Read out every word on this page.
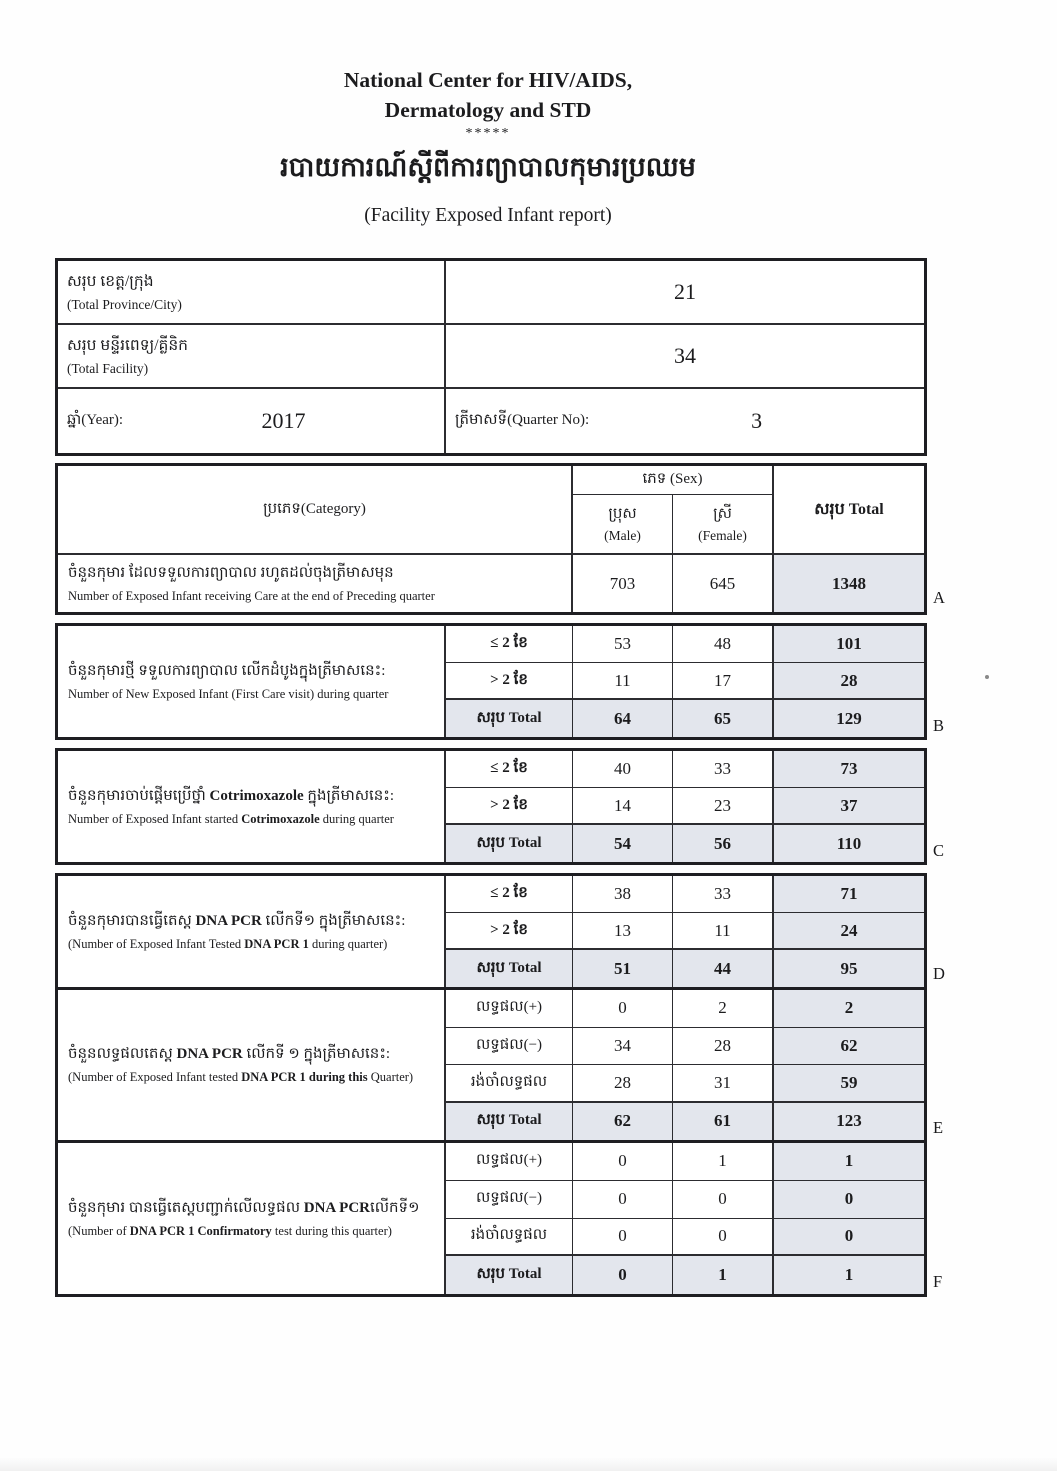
National Center for HIV/AIDS,
Dermatology and STD
*****
របាយការណ៍ស្តីពីការព្យាបាលកុមារប្រឈម
(Facility Exposed Infant report)
សរុប ខេត្ត/ក្រុង
(Total Province/City)
21
សរុប មន្ទីរពេទ្យ/គ្លីនិក
(Total Facility)
34
ឆ្នាំ(Year):	2017	ត្រីមាសទី(Quarter No):	3
ប្រភេទ(Category)
ភេទ (Sex)
សរុប Total
ប្រុស
(Male)
ស្រី
(Female)
ចំនួនកុមារ ដែលទទួលការព្យាបាល រហូតដល់ចុងត្រីមាសមុន
Number of Exposed Infant receiving Care at the end of Preceding quarter
703	645	1348
ចំនួនកុមារថ្មី ទទួលការព្យាបាល លើកដំបូងក្នុងត្រីមាសនេះ:
Number of New Exposed Infant (First Care visit) during quarter
≤ 2 ខែ	53	48	101
> 2 ខែ	11	17	28
សរុប Total	64	65	129
ចំនួនកុមារចាប់ផ្តើមប្រើថ្នាំ Cotrimoxazole ក្នុងត្រីមាសនេះ:
Number of Exposed Infant started Cotrimoxazole during quarter
≤ 2 ខែ	40	33	73
> 2 ខែ	14	23	37
សរុប Total	54	56	110
ចំនួនកុមារបានធ្វើតេស្ត DNA PCR លើកទី១ ក្នុងត្រីមាសនេះ:
(Number of Exposed Infant Tested DNA PCR 1 during quarter)
≤ 2 ខែ	38	33	71
> 2 ខែ	13	11	24
សរុប Total	51	44	95
ចំនួនលទ្ធផលតេស្ត DNA PCR លើកទី ១ ក្នុងត្រីមាសនេះ:
(Number of Exposed Infant tested DNA PCR 1 during this Quarter)
លទ្ធផល(+)	0	2	2
លទ្ធផល(−)	34	28	62
រង់ចាំលទ្ធផល	28	31	59
សរុប Total	62	61	123
ចំនួនកុមារ បានធ្វើតេស្តបញ្ជាក់លើលទ្ធផល DNA PCRលើកទី១
(Number of DNA PCR 1 Confirmatory test during this quarter)
លទ្ធផល(+)	0	1	1
លទ្ធផល(−)	0	0	0
រង់ចាំលទ្ធផល	0	0	0
សរុប Total	0	1	1
A
B
C
D
E
F
